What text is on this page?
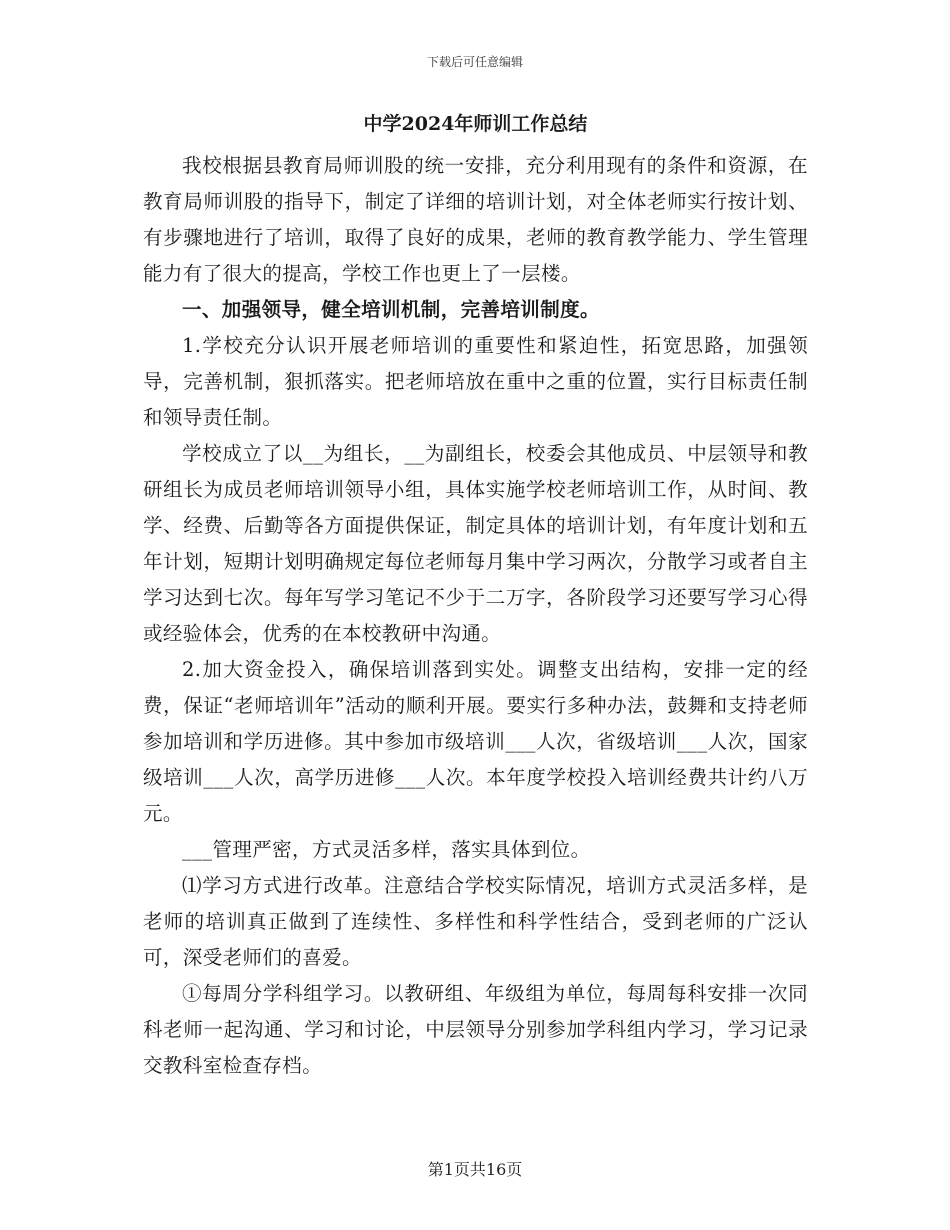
下载后可任意编辑
中学2024年师训工作总结

我校根据县教育局师训股的统一安排，充分利用现有的条件和资源，在教育局师训股的指导下，制定了详细的培训计划，对全体老师实行按计划、有步骤地进行了培训，取得了良好的成果，老师的教育教学能力、学生管理能力有了很大的提高，学校工作也更上了一层楼。

一、加强领导，健全培训机制，完善培训制度。

1.学校充分认识开展老师培训的重要性和紧迫性，拓宽思路，加强领导，完善机制，狠抓落实。把老师培放在重中之重的位置，实行目标责任制和领导责任制。

学校成立了以__为组长，__为副组长，校委会其他成员、中层领导和教研组长为成员老师培训领导小组，具体实施学校老师培训工作，从时间、教学、经费、后勤等各方面提供保证，制定具体的培训计划，有年度计划和五年计划，短期计划明确规定每位老师每月集中学习两次，分散学习或者自主学习达到七次。每年写学习笔记不少于二万字，各阶段学习还要写学习心得或经验体会，优秀的在本校教研中沟通。

2.加大资金投入，确保培训落到实处。调整支出结构，安排一定的经费，保证“老师培训年”活动的顺利开展。要实行多种办法，鼓舞和支持老师参加培训和学历进修。其中参加市级培训___人次，省级培训___人次，国家级培训___人次，高学历进修___人次。本年度学校投入培训经费共计约八万元。

___管理严密，方式灵活多样，落实具体到位。

⑴学习方式进行改革。注意结合学校实际情况，培训方式灵活多样，是老师的培训真正做到了连续性、多样性和科学性结合，受到老师的广泛认可，深受老师们的喜爱。

①每周分学科组学习。以教研组、年级组为单位，每周每科安排一次同科老师一起沟通、学习和讨论，中层领导分别参加学科组内学习，学习记录交教科室检查存档。

第1页共16页
